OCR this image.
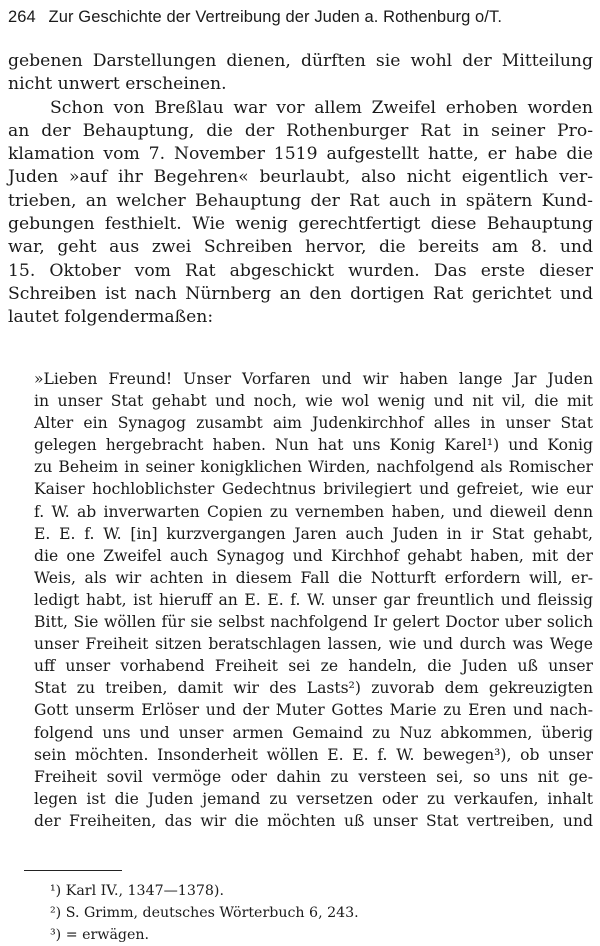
264 Zur Geschichte der Vertreibung der Juden a. Rothenburg o/T.

gebenen Darstellungen dienen, dürften sie wohl der Mitteilung
nicht unwert erscheinen.

Schon von Breßlau war vor allem Zweifel erhoben worden
an der Behauptung, die der Rothenburger Rat in seiner Pro-
klamation vom 7. November 1519 aufgestellt hatte, er habe die
Juden »auf ihr Begehren« beurlaubt, also nicht eigentlich ver-
trieben, an welcher Behauptung der Rat auch in spätern Kund-
gebungen festhielt. Wie wenig gerechtfertigt diese Behauptung
war, geht aus zwei Schreiben hervor, die bereits am 8. und
15. Oktober vom Rat abgeschickt wurden. Das erste dieser
Schreiben ist nach Nürnberg an den dortigen Rat gerichtet und
lautet folgendermaßen:

»Lieben Freund! Unser Vorfaren und wir haben lange Jar Juden
in unser Stat gehabt und noch, wie wol wenig und nit vil, die mit
Alter ein Synagog zusambt aim Judenkirchhof alles in unser Stat
gelegen hergebracht haben. Nun hat uns Konig Karel¹) und Konig
zu Beheim in seiner konigklichen Wirden, nachfolgend als Romischer
Kaiser hochloblichster Gedechtnus brivilegiert und gefreiet, wie eur
f. W. ab inverwarten Copien zu vernemben haben, und dieweil denn
E. E. f. W. [in] kurzvergangen Jaren auch Juden in ir Stat gehabt,
die one Zweifel auch Synagog und Kirchhof gehabt haben, mit der
Weis, als wir achten in diesem Fall die Notturft erfordern will, er-
ledigt habt, ist hieruff an E. E. f. W. unser gar freuntlich und fleissig
Bitt, Sie wöllen für sie selbst nachfolgend Ir gelert Doctor uber solich
unser Freiheit sitzen beratschlagen lassen, wie und durch was Wege
uff unser vorhabend Freiheit sei ze handeln, die Juden uß unser
Stat zu treiben, damit wir des Lasts²) zuvorab dem gekreuzigten
Gott unserm Erlöser und der Muter Gottes Marie zu Eren und nach-
folgend uns und unser armen Gemaind zu Nuz abkommen, überig
sein möchten. Insonderheit wöllen E. E. f. W. bewegen³), ob unser
Freiheit sovil vermöge oder dahin zu versteen sei, so uns nit ge-
legen ist die Juden jemand zu versetzen oder zu verkaufen, inhalt
der Freiheiten, das wir die möchten uß unser Stat vertreiben, und
¹) Karl IV., 1347—1378).
²) S. Grimm, deutsches Wörterbuch 6, 243.
³) = erwägen.
